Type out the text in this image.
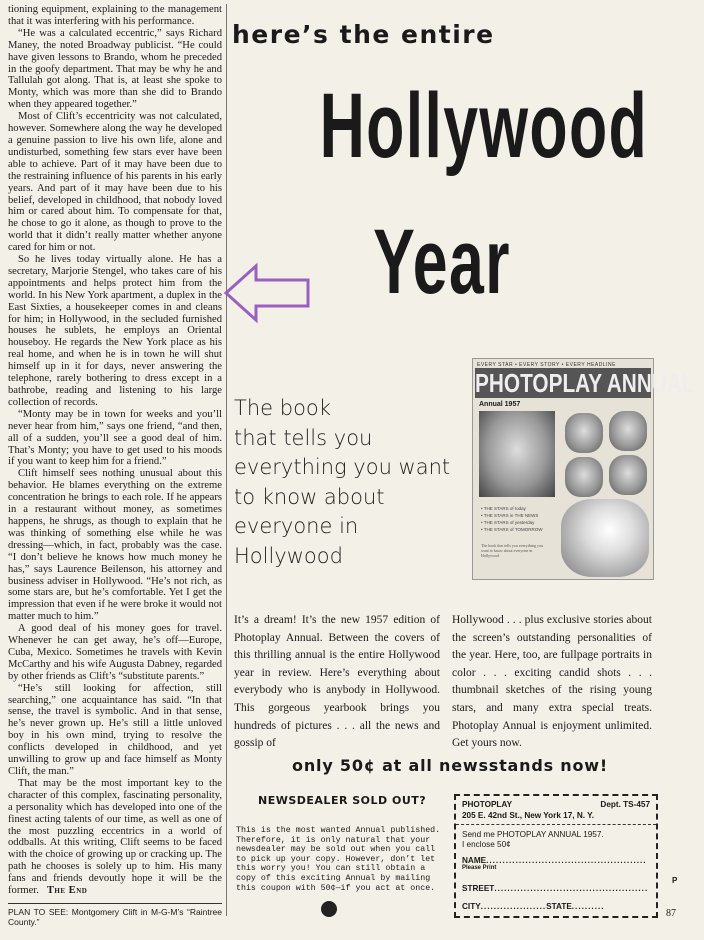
tioning equipment, explaining to the management that it was interfering with his performance.

“He was a calculated eccentric,” says Richard Maney, the noted Broadway publicist. “He could have given lessons to Brando, whom he preceded in the goofy department. That may be why he and Tallulah got along. That is, at least she spoke to Monty, which was more than she did to Brando when they appeared together.”

Most of Clift’s eccentricity was not calculated, however. Somewhere along the way he developed a genuine passion to live his own life, alone and undisturbed, something few stars ever have been able to achieve. Part of it may have been due to the restraining influence of his parents in his early years. And part of it may have been due to his belief, developed in childhood, that nobody loved him or cared about him. To compensate for that, he chose to go it alone, as though to prove to the world that it didn’t really matter whether anyone cared for him or not.

So he lives today virtually alone. He has a secretary, Marjorie Stengel, who takes care of his appointments and helps protect him from the world. In his New York apartment, a duplex in the East Sixties, a housekeeper comes in and cleans for him; in Hollywood, in the secluded furnished houses he sublets, he employs an Oriental houseboy. He regards the New York place as his real home, and when he is in town he will shut himself up in it for days, never answering the telephone, rarely bothering to dress except in a bathrobe, reading and listening to his large collection of records.

“Monty may be in town for weeks and you’ll never hear from him,” says one friend, “and then, all of a sudden, you’ll see a good deal of him. That’s Monty; you have to get used to his moods if you want to keep him for a friend.”

Clift himself sees nothing unusual about this behavior. He blames everything on the extreme concentration he brings to each role. If he appears in a restaurant without money, as sometimes happens, he shrugs, as though to explain that he was thinking of something else while he was dressing—which, in fact, probably was the case. “I don’t believe he knows how much money he has,” says Laurence Beilenson, his attorney and business adviser in Hollywood. “He’s not rich, as some stars are, but he’s comfortable. Yet I get the impression that even if he were broke it would not matter much to him.”

A good deal of his money goes for travel. Whenever he can get away, he’s off—Europe, Cuba, Mexico. Sometimes he travels with Kevin McCarthy and his wife Augusta Dabney, regarded by other friends as Clift’s “substitute parents.”

“He’s still looking for affection, still searching,” one acquaintance has said. “In that sense, the travel is symbolic. And in that sense, he’s never grown up. He’s still a little unloved boy in his own mind, trying to resolve the conflicts developed in childhood, and yet unwilling to grow up and face himself as Monty Clift, the man.”

That may be the most important key to the character of this complex, fascinating personality, a personality which has developed into one of the finest acting talents of our time, as well as one of the most puzzling eccentrics in a world of oddballs. At this writing, Clift seems to be faced with the choice of growing up or cracking up. The path he chooses is solely up to him. His many fans and friends devoutly hope it will be the former. The End

PLAN TO SEE: Montgomery Clift in M-G-M’s “Raintree County.”
here’s the entire
Hollywood
Year
The book
that tells you
everything you want
to know about
everyone in
Hollywood
EVERY STAR • EVERY STORY • EVERY HEADLINE
PHOTOPLAY ANNUAL
Annual 1957
• THE STARS of today
• THE STARS in THE NEWS
• THE STARS of yesterday
• THE STARS of TOMORROW
The book that tells you everything you want to know about everyone in Hollywood
It’s a dream! It’s the new 1957 edition of Photoplay Annual. Between the covers of this thrilling annual is the entire Hollywood year in review. Here’s everything about everybody who is anybody in Hollywood. This gorgeous yearbook brings you hundreds of pictures . . . all the news and gossip of
Hollywood . . . plus exclusive stories about the screen’s outstanding personalities of the year. Here, too, are fullpage portraits in color . . . exciting candid shots . . . thumbnail sketches of the rising young stars, and many extra special treats. Photoplay Annual is enjoyment unlimited. Get yours now.
only 50¢ at all newsstands now!
NEWSDEALER SOLD OUT?
This is the most wanted Annual published. Therefore, it is only natural that your newsdealer may be sold out when you call to pick up your copy. However, don’t let this worry you! You can still obtain a copy of this exciting Annual by mailing this coupon with 50¢—if you act at once.
PHOTOPLAY	Dept. TS-457
205 E. 42nd St., New York 17, N. Y.
Send me PHOTOPLAY ANNUAL 1957.
I enclose 50¢
NAME.................................................
Please Print
STREET...............................................
CITY....................STATE..........
P
87
